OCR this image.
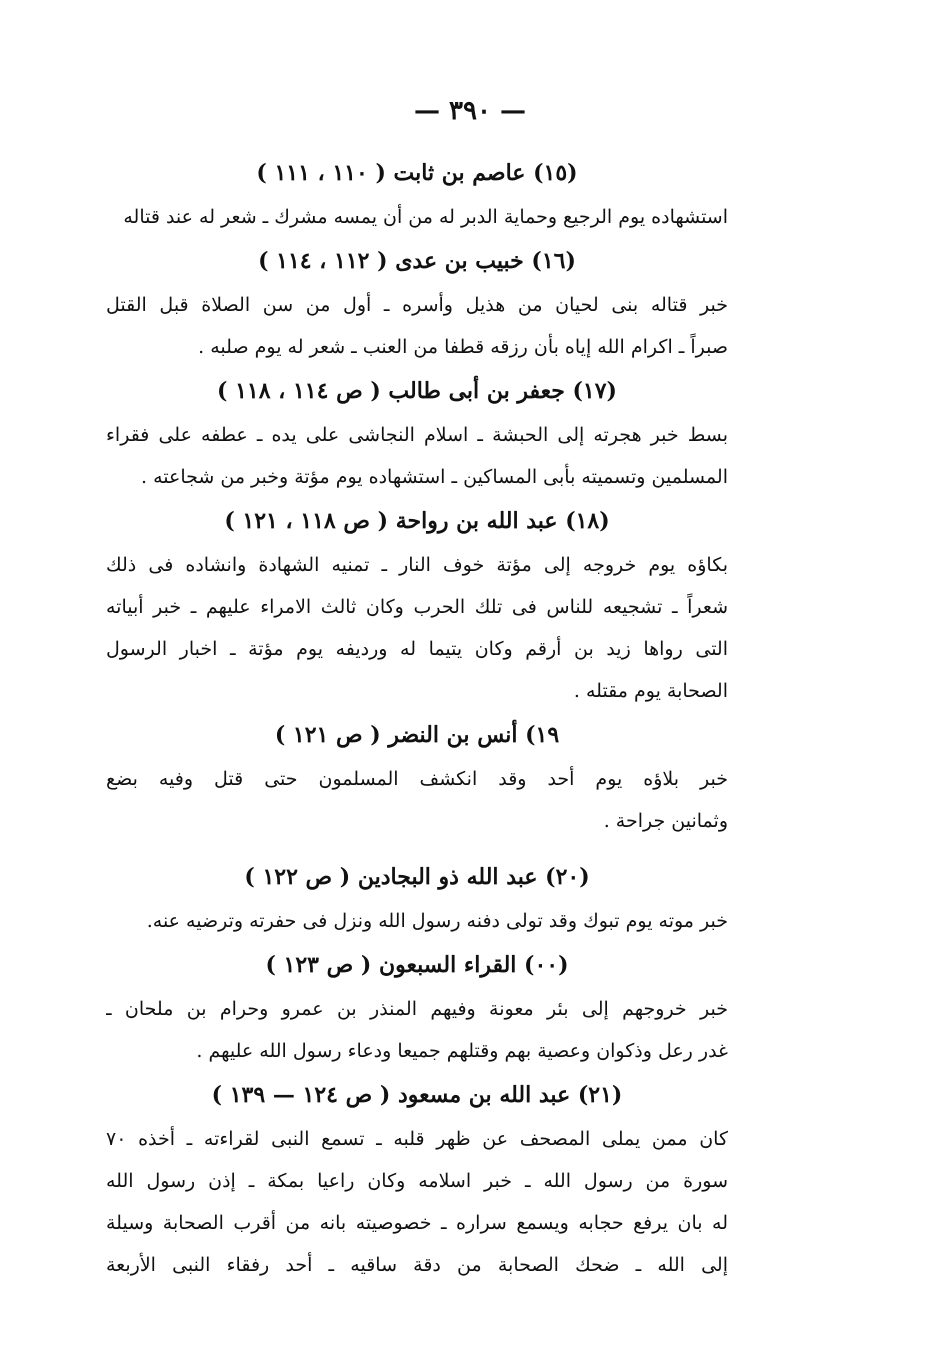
— ٣٩٠ —
(١٥) عاصم بن ثابت ( ١١٠ ، ١١١ )
استشهاده يوم الرجيع وحماية الدبر له من أن يمسه مشرك ـ شعر له عند قتاله
(١٦) خبيب بن عدى ( ١١٢ ، ١١٤ )
خبر قتاله بنى لحيان من هذيل وأسره ـ أول من سن الصلاة قبل القتل
صبراً ـ اكرام الله إياه بأن رزقه قطفا من العنب ـ شعر له يوم صلبه .
(١٧) جعفر بن أبى طالب ( ص ١١٤ ، ١١٨ )
بسط خبر هجرته إلى الحبشة ـ اسلام النجاشى على يده ـ عطفه على فقراء
المسلمين وتسميته بأبى المساكين ـ استشهاده يوم مؤتة وخبر من شجاعته .
(١٨) عبد الله بن رواحة ( ص ١١٨ ، ١٢١ )
بكاؤه يوم خروجه إلى مؤتة خوف النار ـ تمنيه الشهادة وانشاده فى ذلك
شعراً ـ تشجيعه للناس فى تلك الحرب وكان ثالث الامراء عليهم ـ خبر أبياته
التى رواها زيد بن أرقم وكان يتيما له ورديفه يوم مؤتة ـ اخبار الرسول
الصحابة يوم مقتله .
١٩) أنس بن النضر ( ص ١٢١ )
خبر بلاؤه يوم أحد وقد انكشف المسلمون حتى قتل وفيه بضع
وثمانين جراحة .
(٢٠) عبد الله ذو البجادين ( ص ١٢٢ )
خبر موته يوم تبوك وقد تولى دفنه رسول الله ونزل فى حفرته وترضيه عنه.
(٠٠) القراء السبعون ( ص ١٢٣ )
خبر خروجهم إلى بئر معونة وفيهم المنذر بن عمرو وحرام بن ملحان ـ
غدر رعل وذكوان وعصية بهم وقتلهم جميعا ودعاء رسول الله عليهم .
(٢١) عبد الله بن مسعود ( ص ١٢٤ — ١٣٩ )
كان ممن يملى المصحف عن ظهر قلبه ـ تسمع النبى لقراءته ـ أخذه ٧٠
سورة من رسول الله ـ خبر اسلامه وكان راعيا بمكة ـ إذن رسول الله
له بان يرفع حجابه ويسمع سراره ـ خصوصيته بانه من أقرب الصحابة وسيلة
إلى الله ـ ضحك الصحابة من دقة ساقيه ـ أحد رفقاء النبى الأربعة
